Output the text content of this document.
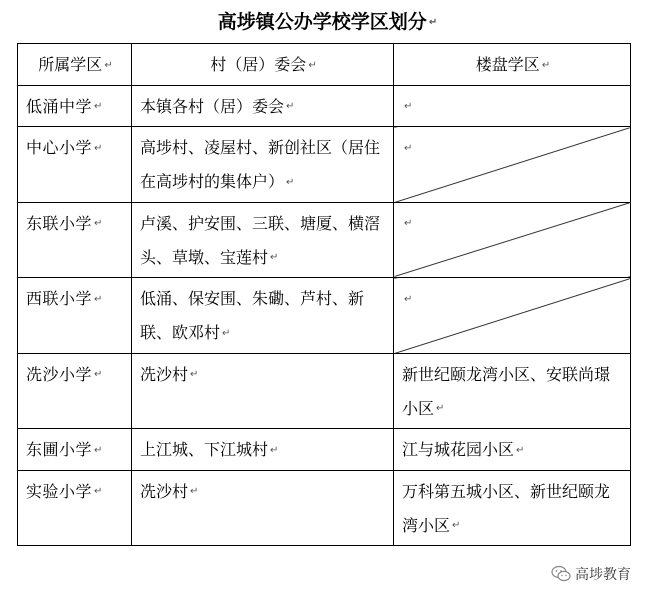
高埗镇公办学校学区划分 ↵
所属学区 ↵	村（居）委会 ↵	楼盘学区 ↵
低涌中学 ↵	本镇各村（居）委会 ↵	↵
中心小学 ↵	高埗村、凌屋村、新创社区（居住在高埗村的集体户） ↵	↵
东联小学 ↵	卢溪、护安围、三联、塘厦、横滘头、草墩、宝莲村 ↵	↵
西联小学 ↵	低涌、保安围、朱磡、芦村、新联、欧邓村 ↵	↵
冼沙小学 ↵	冼沙村 ↵	新世纪颐龙湾小区、安联尚璟小区 ↵
东圃小学 ↵	上江城、下江城村 ↵	江与城花园小区 ↵
实验小学 ↵	冼沙村 ↵	万科第五城小区、新世纪颐龙湾小区 ↵
高埗教育
